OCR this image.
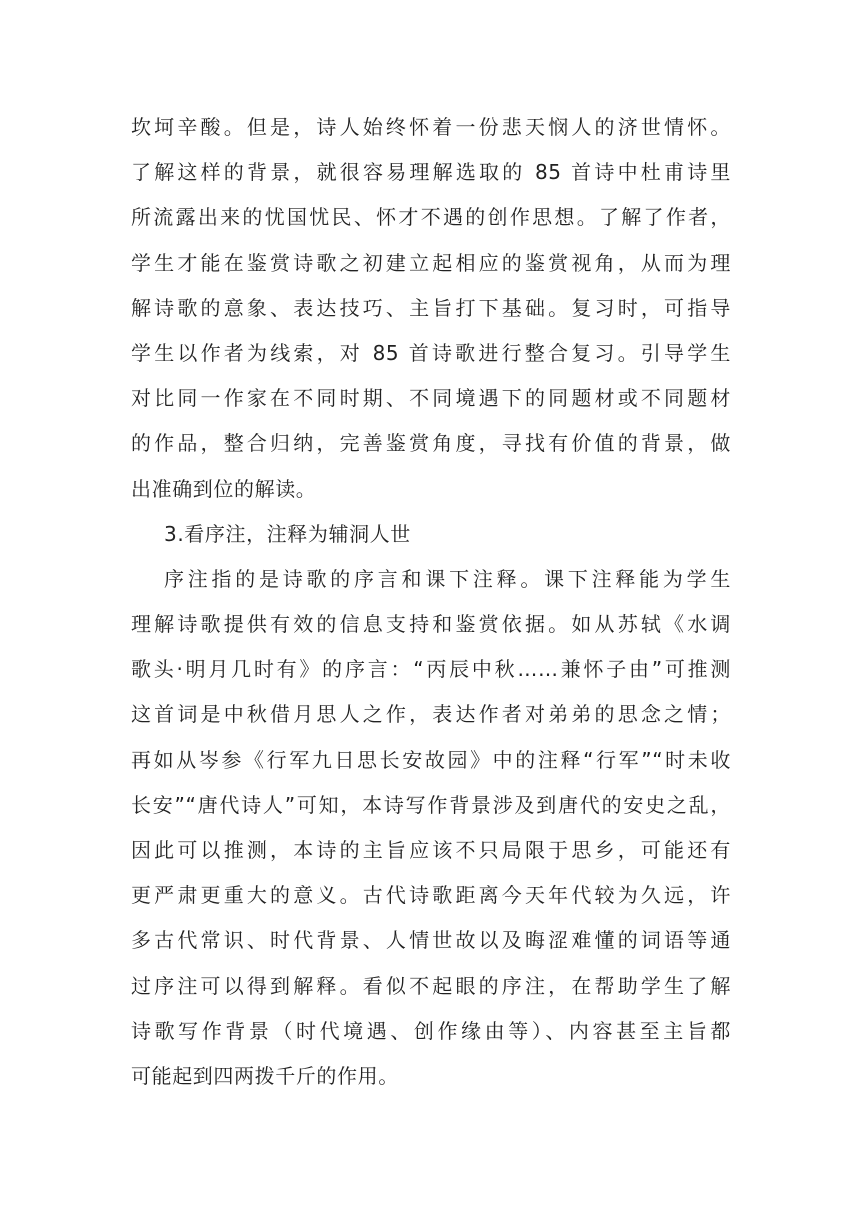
坎坷辛酸。但是，诗人始终怀着一份悲天悯人的济世情怀。
了解这样的背景，就很容易理解选取的 85 首诗中杜甫诗里
所流露出来的忧国忧民、怀才不遇的创作思想。了解了作者，
学生才能在鉴赏诗歌之初建立起相应的鉴赏视角，从而为理
解诗歌的意象、表达技巧、主旨打下基础。复习时，可指导
学生以作者为线索，对 85 首诗歌进行整合复习。引导学生
对比同一作家在不同时期、不同境遇下的同题材或不同题材
的作品，整合归纳，完善鉴赏角度，寻找有价值的背景，做
出准确到位的解读。
3.看序注，注释为辅洞人世
序注指的是诗歌的序言和课下注释。课下注释能为学生
理解诗歌提供有效的信息支持和鉴赏依据。如从苏轼《水调
歌头·明月几时有》的序言：“丙辰中秋……兼怀子由”可推测
这首词是中秋借月思人之作，表达作者对弟弟的思念之情；
再如从岑参《行军九日思长安故园》中的注释“行军”“时未收
长安”“唐代诗人”可知，本诗写作背景涉及到唐代的安史之乱，
因此可以推测，本诗的主旨应该不只局限于思乡，可能还有
更严肃更重大的意义。古代诗歌距离今天年代较为久远，许
多古代常识、时代背景、人情世故以及晦涩难懂的词语等通
过序注可以得到解释。看似不起眼的序注，在帮助学生了解
诗歌写作背景（时代境遇、创作缘由等）、内容甚至主旨都
可能起到四两拨千斤的作用。
